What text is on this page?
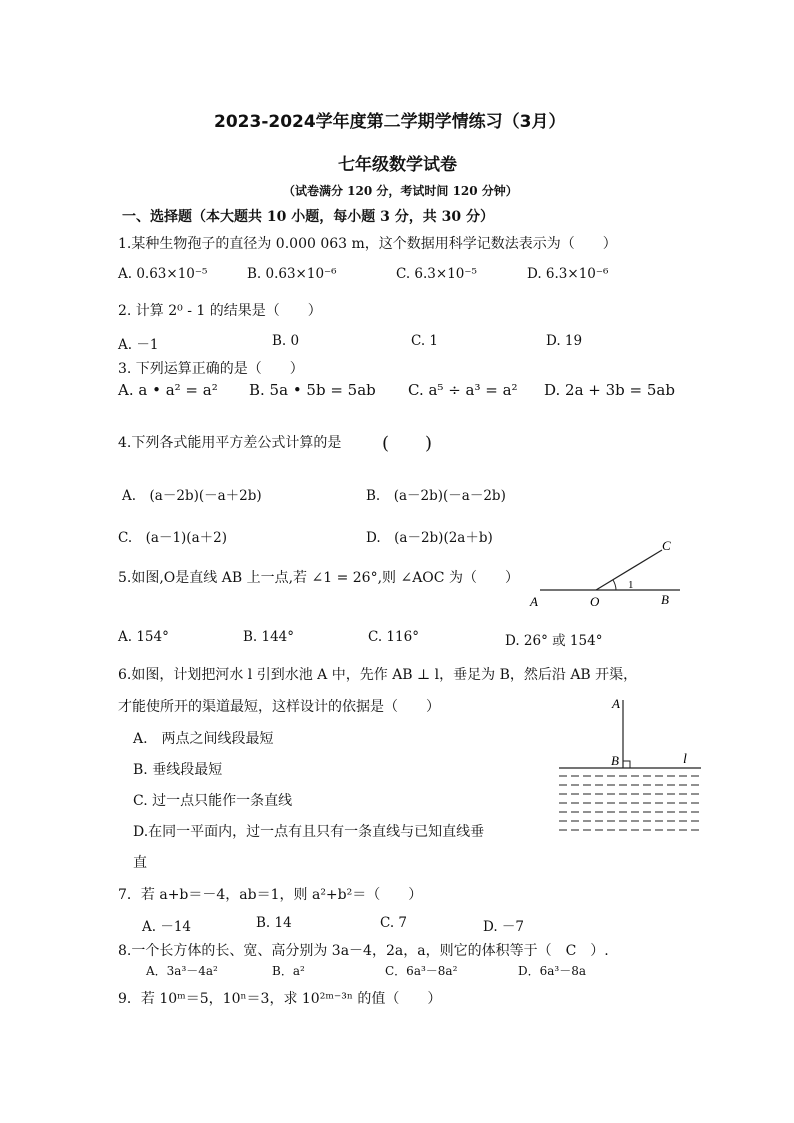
2023-2024学年度第二学期学情练习（3月）
七年级数学试卷
（试卷满分 120 分，考试时间 120 分钟）
一、选择题（本大题共 10 小题，每小题 3 分，共 30 分）
1.某种生物孢子的直径为 0.000 063 m，这个数据用科学记数法表示为（　　）
A. 0.63×10⁻⁵	B. 0.63×10⁻⁶	C. 6.3×10⁻⁵	D. 6.3×10⁻⁶
2. 计算 2⁰ - 1 的结果是（　　）
A. －1	B. 0	C. 1	D. 19
3. 下列运算正确的是（　　）
A. a • a² = a² B. 5a • 5b = 5ab C. a⁵ ÷ a³ = a² D. 2a + 3b = 5ab
4.下列各式能用平方差公式计算的是 (　　)
A.　(a－2b)(－a＋2b)	B.　(a－2b)(－a－2b)
C.　(a－1)(a＋2)	D.　(a－2b)(2a＋b)
5.如图,O是直线 AB 上一点,若 ∠1 = 26°,则 ∠AOC 为（　　）
A	O	B
C
1
A. 154°	B. 144°	C. 116°	D. 26° 或 154°
6.如图，计划把河水 l 引到水池 A 中，先作 AB ⊥ l，垂足为 B，然后沿 AB 开渠，
才能使所开的渠道最短，这样设计的依据是（　　）
A.　两点之间线段最短
B. 垂线段最短
C. 过一点只能作一条直线
D.在同一平面内，过一点有且只有一条直线与已知直线垂
直
A
B	l
7．若 a+b＝－4，ab＝1，则 a²+b²＝（　　）
A. －14	B. 14	C. 7	D. －7
8.一个长方体的长、宽、高分别为 3a－4，2a，a，则它的体积等于（　C　）.
A．3a³－4a²	B．a²	C．6a³－8a²	D．6a³－8a
9．若 10ᵐ＝5，10ⁿ＝3，求 10²ᵐ⁻³ⁿ 的值（　　）
